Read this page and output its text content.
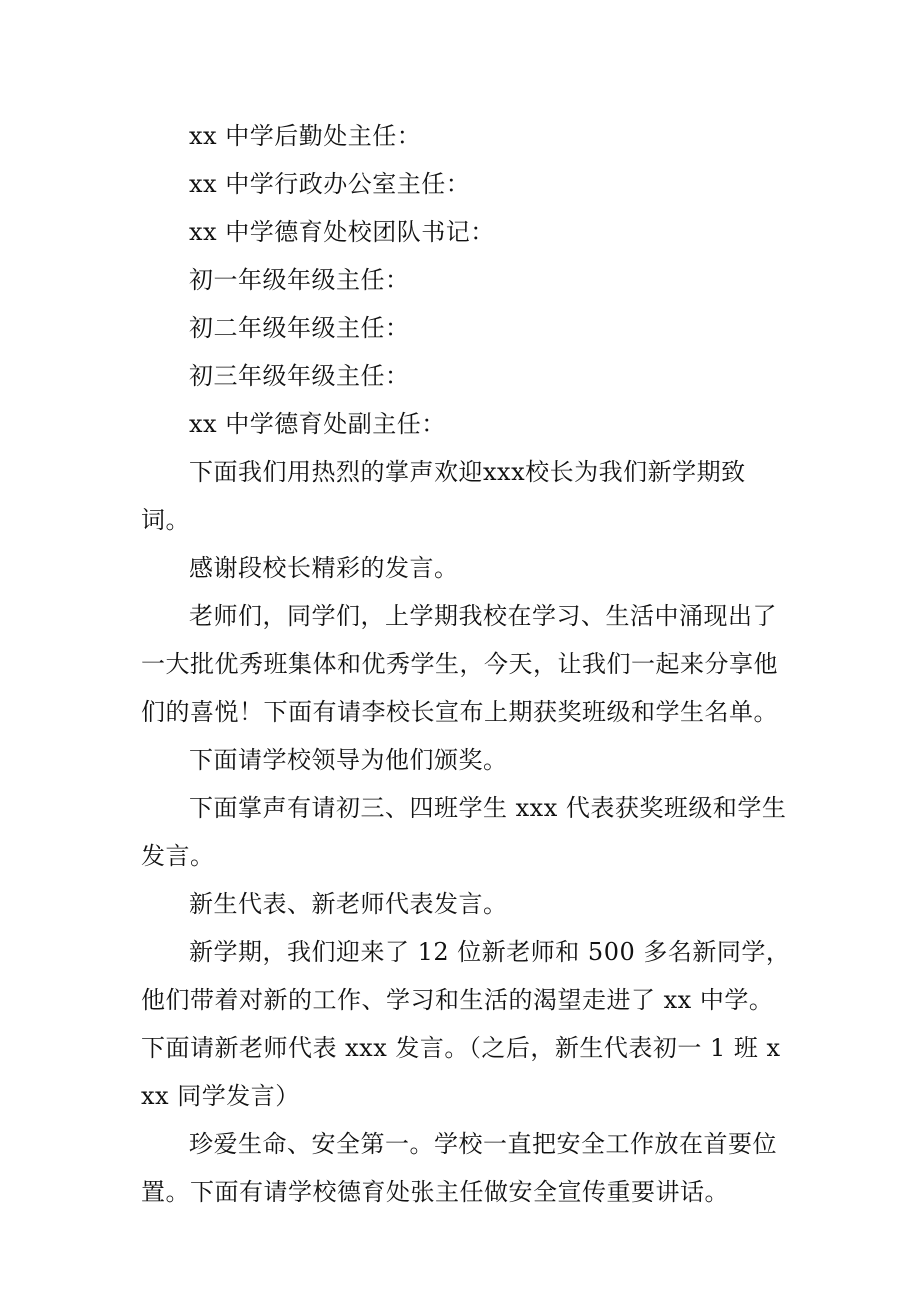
xx 中学后勤处主任：

xx 中学行政办公室主任：

xx 中学德育处校团队书记：

初一年级年级主任：

初二年级年级主任：

初三年级年级主任：

xx 中学德育处副主任：

下面我们用热烈的掌声欢迎xxx校长为我们新学期致词。

感谢段校长精彩的发言。

老师们，同学们，上学期我校在学习、生活中涌现出了一大批优秀班集体和优秀学生，今天，让我们一起来分享他们的喜悦！下面有请李校长宣布上期获奖班级和学生名单。

下面请学校领导为他们颁奖。

下面掌声有请初三、四班学生 xxx 代表获奖班级和学生发言。

新生代表、新老师代表发言。

新学期，我们迎来了 12 位新老师和 500 多名新同学，他们带着对新的工作、学习和生活的渴望走进了 xx 中学。下面请新老师代表 xxx 发言。（之后，新生代表初一 1 班 xxx 同学发言）

珍爱生命、安全第一。学校一直把安全工作放在首要位置。下面有请学校德育处张主任做安全宣传重要讲话。
